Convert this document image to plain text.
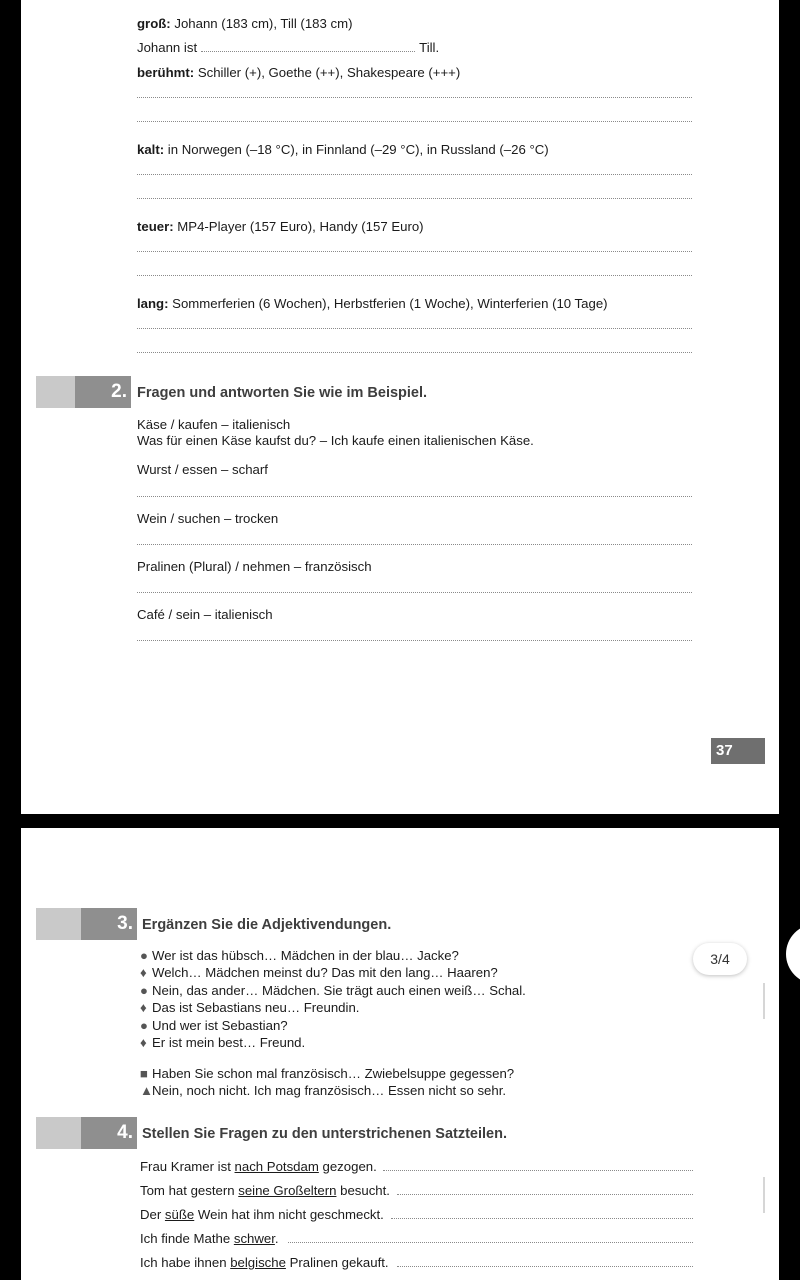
groß: Johann (183 cm), Till (183 cm)
Johann ist	Till.
berühmt: Schiller (+), Goethe (++), Shakespeare (+++)
kalt: in Norwegen (–18 °C), in Finnland (–29 °C), in Russland (–26 °C)
teuer: MP4-Player (157 Euro), Handy (157 Euro)
lang: Sommerferien (6 Wochen), Herbstferien (1 Woche), Winterferien (10 Tage)
2. Fragen und antworten Sie wie im Beispiel.
Käse / kaufen – italienisch
Was für einen Käse kaufst du? – Ich kaufe einen italienischen Käse.
Wurst / essen – scharf
Wein / suchen – trocken
Pralinen (Plural) / nehmen – französisch
Café / sein – italienisch
37
3. Ergänzen Sie die Adjektivendungen.
● Wer ist das hübsch… Mädchen in der blau… Jacke?
♦ Welch… Mädchen meinst du? Das mit den lang… Haaren?
● Nein, das ander… Mädchen. Sie trägt auch einen weiß… Schal.
♦ Das ist Sebastians neu… Freundin.
● Und wer ist Sebastian?
♦ Er ist mein best… Freund.
■ Haben Sie schon mal französisch… Zwiebelsuppe gegessen?
▲Nein, noch nicht. Ich mag französisch… Essen nicht so sehr.
4. Stellen Sie Fragen zu den unterstrichenen Satzteilen.
Frau Kramer ist nach Potsdam gezogen.
Tom hat gestern seine Großeltern besucht.
Der süße Wein hat ihm nicht geschmeckt.
Ich finde Mathe schwer.
Ich habe ihnen belgische Pralinen gekauft.
3/4
